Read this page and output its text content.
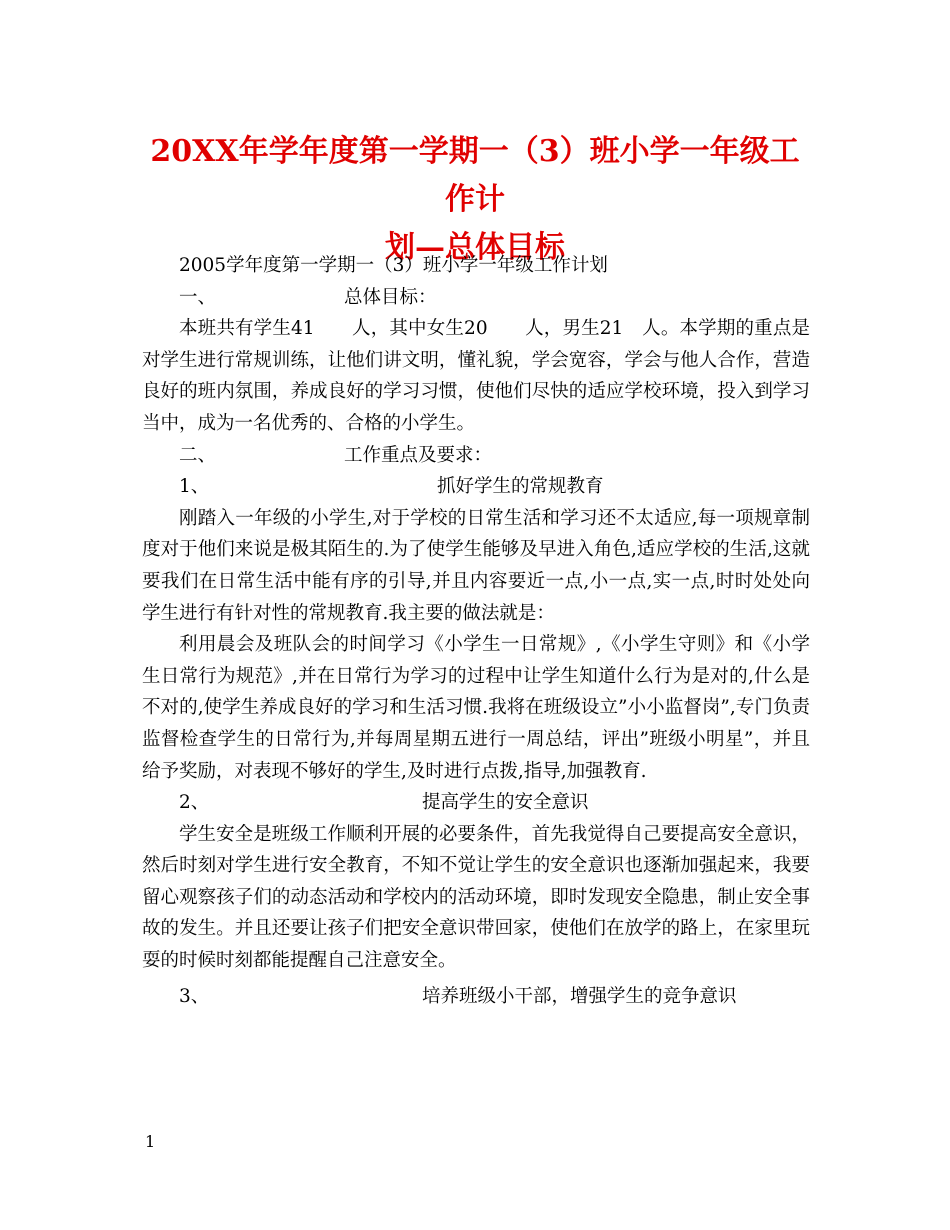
20XX年学年度第一学期一（3）班小学一年级工作计
划—总体目标

2005学年度第一学期一（3）班小学一年级工作计划

一、	总体目标：

本班共有学生41　　人，其中女生20　　人，男生21　人。本学期的重点是对学生进行常规训练，让他们讲文明，懂礼貌，学会宽容，学会与他人合作，营造良好的班内氛围，养成良好的学习习惯，使他们尽快的适应学校环境，投入到学习当中，成为一名优秀的、合格的小学生。

二、	工作重点及要求：
1、	抓好学生的常规教育

刚踏入一年级的小学生,对于学校的日常生活和学习还不太适应,每一项规章制度对于他们来说是极其陌生的.为了使学生能够及早进入角色,适应学校的生活,这就要我们在日常生活中能有序的引导,并且内容要近一点,小一点,实一点,时时处处向学生进行有针对性的常规教育.我主要的做法就是：

利用晨会及班队会的时间学习《小学生一日常规》,《小学生守则》和《小学生日常行为规范》,并在日常行为学习的过程中让学生知道什么行为是对的,什么是不对的,使学生养成良好的学习和生活习惯.我将在班级设立”小小监督岗”,专门负责监督检查学生的日常行为,并每周星期五进行一周总结，评出”班级小明星”，并且给予奖励，对表现不够好的学生,及时进行点拨,指导,加强教育.

2、	提高学生的安全意识

学生安全是班级工作顺利开展的必要条件，首先我觉得自己要提高安全意识，然后时刻对学生进行安全教育，不知不觉让学生的安全意识也逐渐加强起来，我要留心观察孩子们的动态活动和学校内的活动环境，即时发现安全隐患，制止安全事故的发生。并且还要让孩子们把安全意识带回家，使他们在放学的路上，在家里玩耍的时候时刻都能提醒自己注意安全。

3、	培养班级小干部，增强学生的竞争意识
1
